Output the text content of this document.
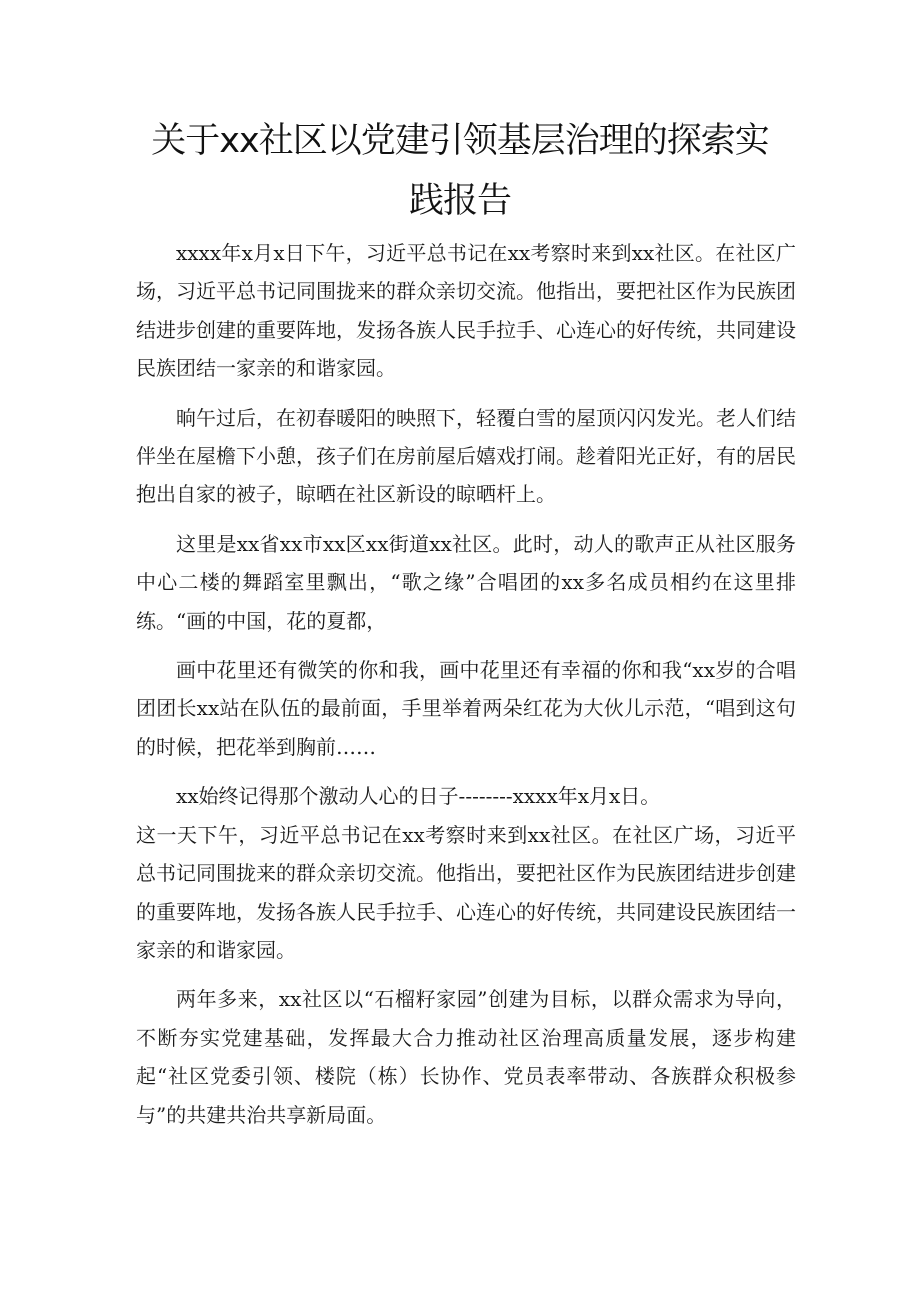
关于xx社区以党建引领基层治理的探索实
践报告

xxxx年x月x日下午，习近平总书记在xx考察时来到xx社区。在社区广场，习近平总书记同围拢来的群众亲切交流。他指出，要把社区作为民族团结进步创建的重要阵地，发扬各族人民手拉手、心连心的好传统，共同建设民族团结一家亲的和谐家园。

晌午过后，在初春暖阳的映照下，轻覆白雪的屋顶闪闪发光。老人们结伴坐在屋檐下小憩，孩子们在房前屋后嬉戏打闹。趁着阳光正好，有的居民抱出自家的被子，晾晒在社区新设的晾晒杆上。

这里是xx省xx市xx区xx街道xx社区。此时，动人的歌声正从社区服务中心二楼的舞蹈室里飘出，“歌之缘”合唱团的xx多名成员相约在这里排练。“画的中国，花的夏都，

画中花里还有微笑的你和我，画中花里还有幸福的你和我“xx岁的合唱团团长xx站在队伍的最前面，手里举着两朵红花为大伙儿示范，“唱到这句的时候，把花举到胸前……

xx始终记得那个激动人心的日子--------xxxx年x月x日。

这一天下午，习近平总书记在xx考察时来到xx社区。在社区广场，习近平总书记同围拢来的群众亲切交流。他指出，要把社区作为民族团结进步创建的重要阵地，发扬各族人民手拉手、心连心的好传统，共同建设民族团结一家亲的和谐家园。

两年多来，xx社区以“石榴籽家园”创建为目标，以群众需求为导向，不断夯实党建基础，发挥最大合力推动社区治理高质量发展，逐步构建起“社区党委引领、楼院（栋）长协作、党员表率带动、各族群众积极参与”的共建共治共享新局面。
